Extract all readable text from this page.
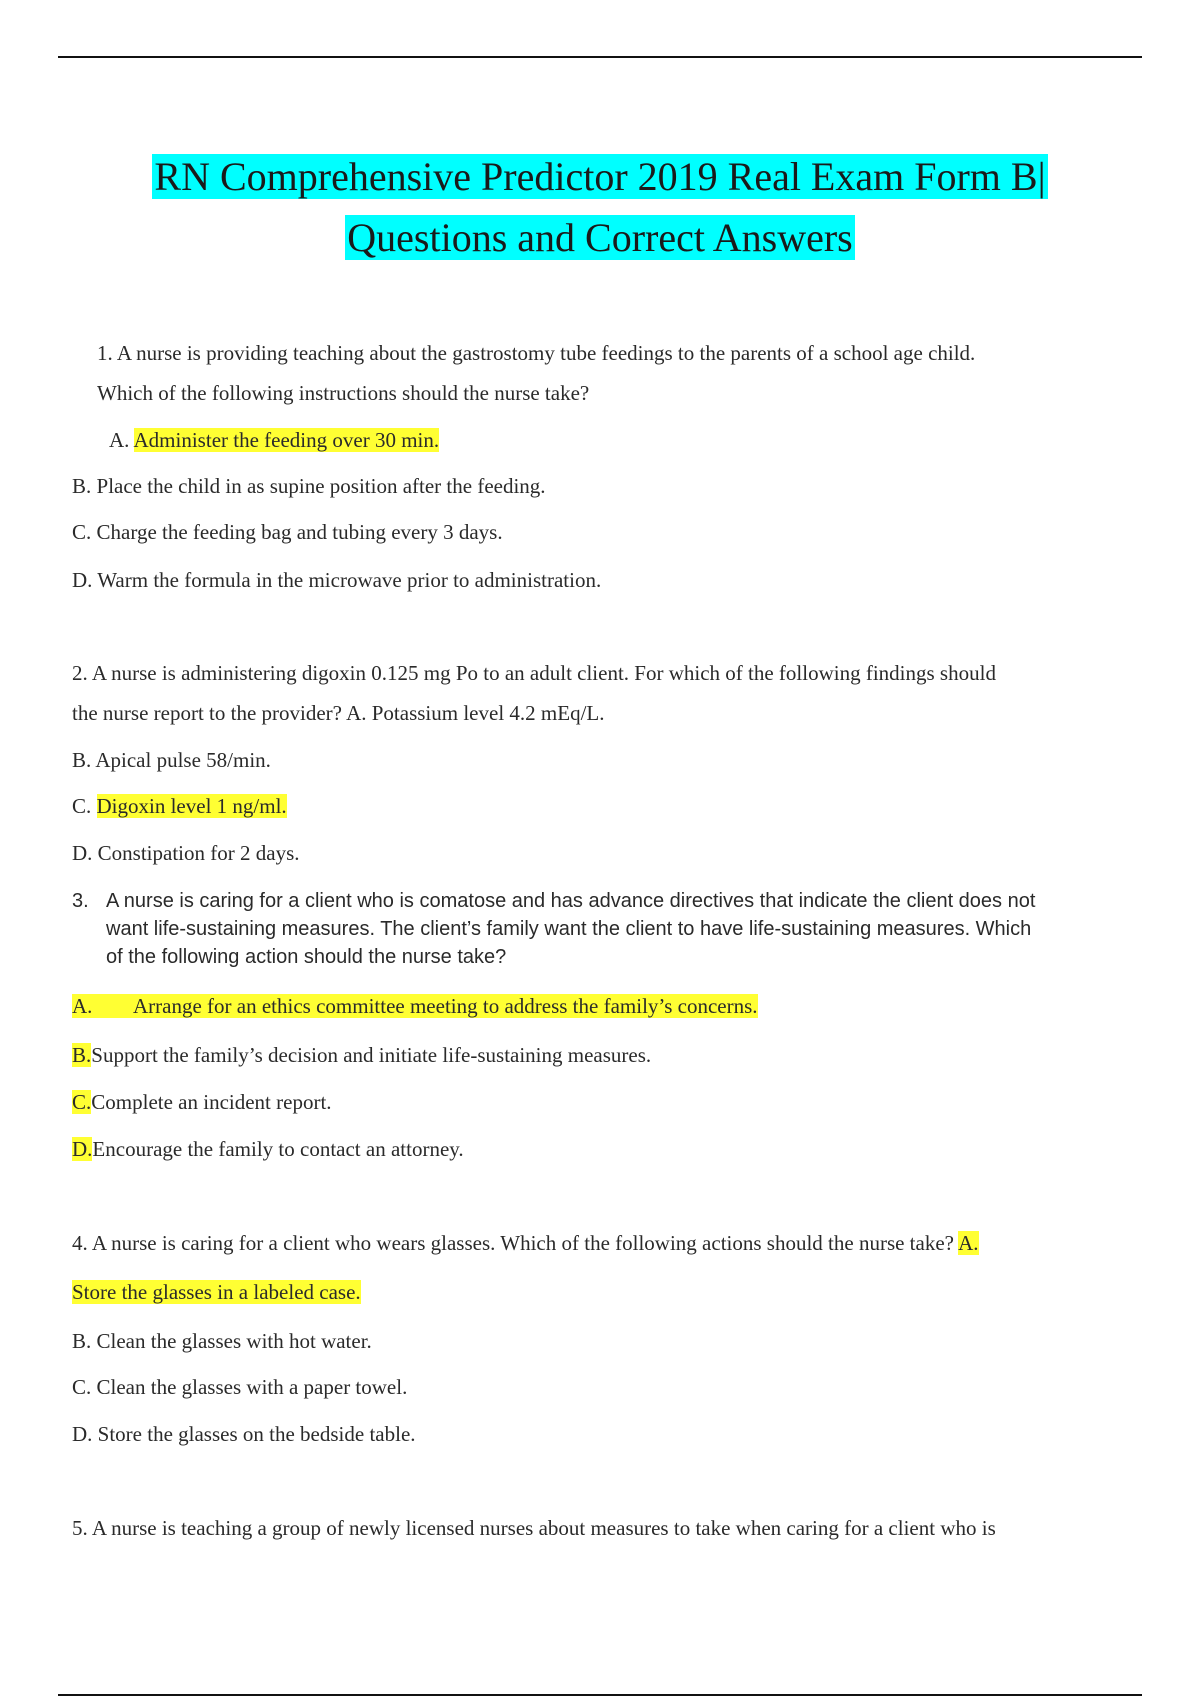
RN Comprehensive Predictor 2019 Real Exam Form B|
Questions and Correct Answers
1. A nurse is providing teaching about the gastrostomy tube feedings to the parents of a school age child.
Which of the following instructions should the nurse take?
A. Administer the feeding over 30 min.
B. Place the child in as supine position after the feeding.
C. Charge the feeding bag and tubing every 3 days.
D. Warm the formula in the microwave prior to administration.
2. A nurse is administering digoxin 0.125 mg Po to an adult client. For which of the following findings should
the nurse report to the provider? A. Potassium level 4.2 mEq/L.
B. Apical pulse 58/min.
C. Digoxin level 1 ng/ml.
D. Constipation for 2 days.
3. A nurse is caring for a client who is comatose and has advance directives that indicate the client does not
want life-sustaining measures. The client’s family want the client to have life-sustaining measures. Which
of the following action should the nurse take?
A. Arrange for an ethics committee meeting to address the family’s concerns.
B.Support the family’s decision and initiate life-sustaining measures.
C.Complete an incident report.
D.Encourage the family to contact an attorney.
4. A nurse is caring for a client who wears glasses. Which of the following actions should the nurse take? A.
Store the glasses in a labeled case.
B. Clean the glasses with hot water.
C. Clean the glasses with a paper towel.
D. Store the glasses on the bedside table.
5. A nurse is teaching a group of newly licensed nurses about measures to take when caring for a client who is
